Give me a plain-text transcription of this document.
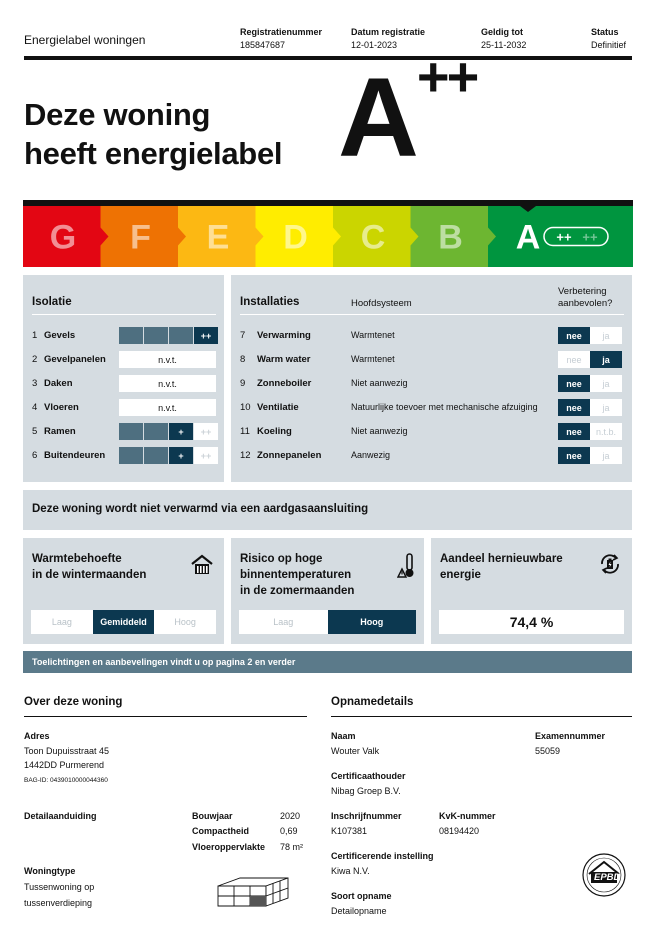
Energielabel woningen
Registratienummer
185847687
Datum registratie
12-01-2023
Geldig tot
25-11-2032
Status
Definitief
Deze woning
heeft energielabel A++
G F E D C B A ++ ++
Isolatie
1 Gevels	++
2 Gevelpanelen	n.v.t.
3 Daken	n.v.t.
4 Vloeren	n.v.t.
5 Ramen	+	++
6 Buitendeuren	+	++
Installaties	Hoofdsysteem
Verbetering
aanbevolen?
7 Verwarming	Warmtenet	nee	ja
8 Warm water	Warmtenet	nee	ja
9 Zonneboiler	Niet aanwezig	nee	ja
10 Ventilatie	Natuurlijke toevoer met mechanische afzuiging	nee	ja
11 Koeling	Niet aanwezig	nee	n.t.b.
12 Zonnepanelen	Aanwezig	nee	ja
Deze woning wordt niet verwarmd via een aardgasaansluiting
Warmtebehoefte
in de wintermaanden
Laag	Gemiddeld	Hoog
Risico op hoge
binnentemperaturen
in de zomermaanden
Laag	Hoog
Aandeel hernieuwbare
energie
74,4 %
Toelichtingen en aanbevelingen vindt u op pagina 2 en verder
Over deze woning
Adres
Toon Dupuisstraat 45
1442DD Purmerend
BAG-ID: 0439010000044360
Detailaanduiding	Bouwjaar	2020
Compactheid	0,69
Vloeroppervlakte 78 m²
Woningtype
Tussenwoning op
tussenverdieping
Opnamedetails
Naam
Wouter Valk
Examennummer
55059
Certificaathouder
Nibag Groep B.V.
Inschrijfnummer
K107381
KvK-nummer
08194420
Certificerende instelling
Kiwa N.V.
Soort opname
Detailopname
EPBD
